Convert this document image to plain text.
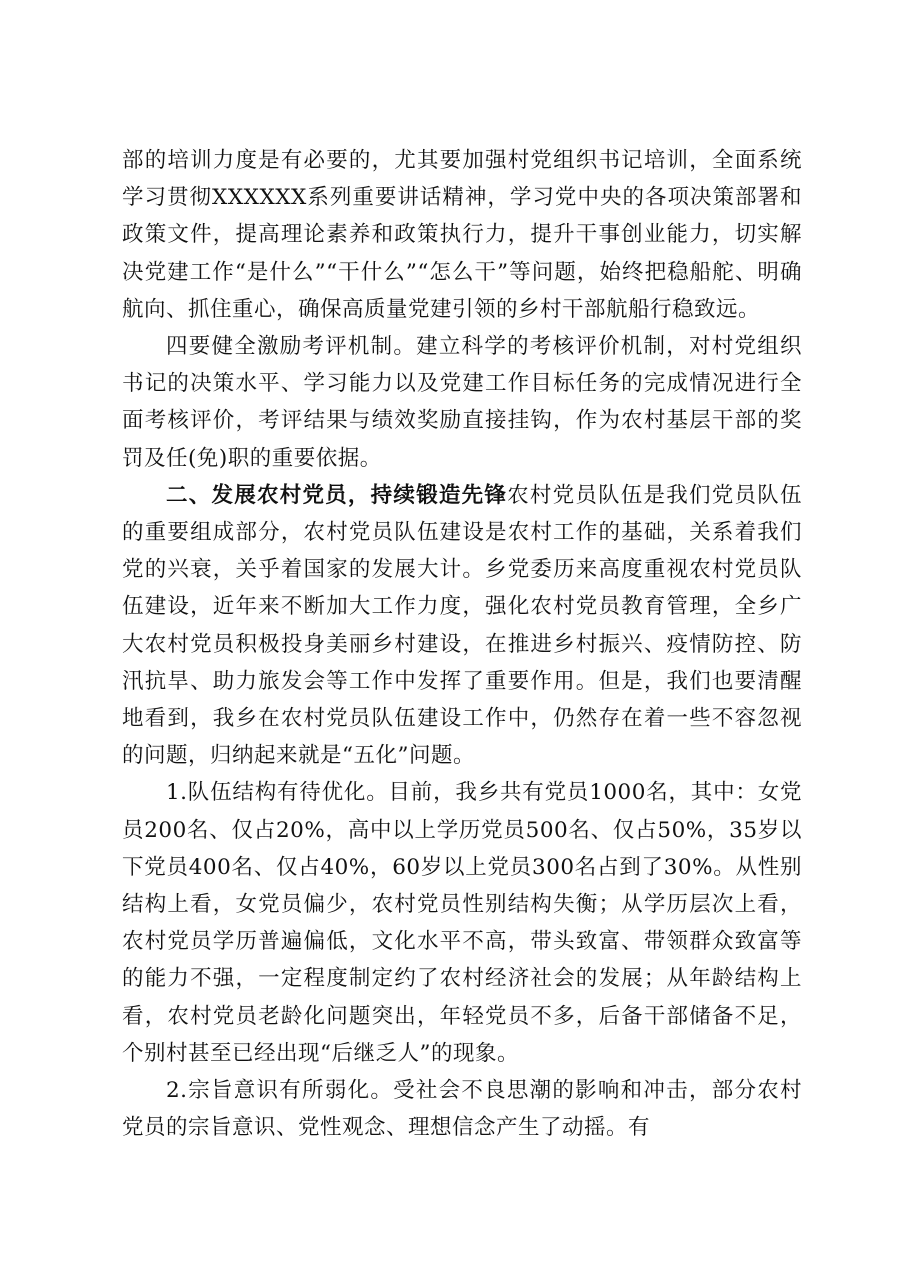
部的培训力度是有必要的，尤其要加强村党组织书记培训，全面系统学习贯彻XXXXXX系列重要讲话精神，学习党中央的各项决策部署和政策文件，提高理论素养和政策执行力，提升干事创业能力，切实解决党建工作“是什么”“干什么”“怎么干”等问题，始终把稳船舵、明确航向、抓住重心，确保高质量党建引领的乡村干部航船行稳致远。

四要健全激励考评机制。建立科学的考核评价机制，对村党组织书记的决策水平、学习能力以及党建工作目标任务的完成情况进行全面考核评价，考评结果与绩效奖励直接挂钩，作为农村基层干部的奖罚及任(免)职的重要依据。

二、发展农村党员，持续锻造先锋农村党员队伍是我们党员队伍的重要组成部分，农村党员队伍建设是农村工作的基础，关系着我们党的兴衰，关乎着国家的发展大计。乡党委历来高度重视农村党员队伍建设，近年来不断加大工作力度，强化农村党员教育管理，全乡广大农村党员积极投身美丽乡村建设，在推进乡村振兴、疫情防控、防汛抗旱、助力旅发会等工作中发挥了重要作用。但是，我们也要清醒地看到，我乡在农村党员队伍建设工作中，仍然存在着一些不容忽视的问题，归纳起来就是“五化”问题。

1.队伍结构有待优化。目前，我乡共有党员1000名，其中：女党员200名、仅占20%，高中以上学历党员500名、仅占50%，35岁以下党员400名、仅占40%，60岁以上党员300名占到了30%。从性别结构上看，女党员偏少，农村党员性别结构失衡；从学历层次上看，农村党员学历普遍偏低，文化水平不高，带头致富、带领群众致富等的能力不强，一定程度制定约了农村经济社会的发展；从年龄结构上看，农村党员老龄化问题突出，年轻党员不多，后备干部储备不足，个别村甚至已经出现“后继乏人”的现象。

2.宗旨意识有所弱化。受社会不良思潮的影响和冲击，部分农村党员的宗旨意识、党性观念、理想信念产生了动摇。有
